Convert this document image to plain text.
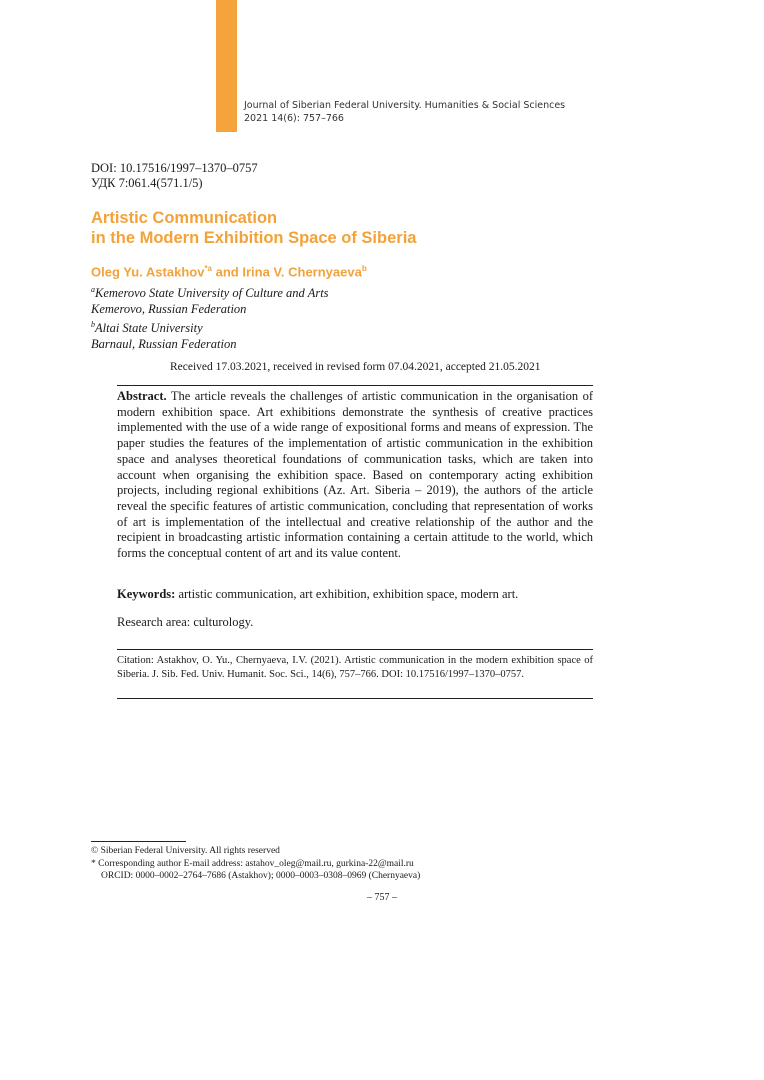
Journal of Siberian Federal University. Humanities & Social Sciences
2021 14(6): 757–766
DOI: 10.17516/1997–1370–0757
УДК 7:061.4(571.1/5)
Artistic Communication
in the Modern Exhibition Space of Siberia
Oleg Yu. Astakhov$^{*a}$ and Irina V. Chernyaeva$^b$
$^a$Kemerovo State University of Culture and Arts
Kemerovo, Russian Federation
$^b$Altai State University
Barnaul, Russian Federation
Received 17.03.2021, received in revised form 07.04.2021, accepted 21.05.2021
Abstract. The article reveals the challenges of artistic communication in the organisation of modern exhibition space. Art exhibitions demonstrate the synthesis of creative practices implemented with the use of a wide range of expositional forms and means of expression. The paper studies the features of the implementation of artistic communication in the exhibition space and analyses theoretical foundations of communication tasks, which are taken into account when organising the exhibition space. Based on contemporary acting exhibition projects, including regional exhibitions (Az. Art. Siberia – 2019), the authors of the article reveal the specific features of artistic communication, concluding that representation of works of art is implementation of the intellectual and creative relationship of the author and the recipient in broadcasting artistic information containing a certain attitude to the world, which forms the conceptual content of art and its value content.
Keywords: artistic communication, art exhibition, exhibition space, modern art.
Research area: culturology.
Citation: Astakhov, O. Yu., Chernyaeva, I.V. (2021). Artistic communication in the modern exhibition space of Siberia. J. Sib. Fed. Univ. Humanit. Soc. Sci., 14(6), 757–766. DOI: 10.17516/1997–1370–0757.
© Siberian Federal University. All rights reserved
* Corresponding author E-mail address: astahov_oleg@mail.ru, gurkina-22@mail.ru
ORCID: 0000–0002–2764–7686 (Astakhov); 0000–0003–0308–0969 (Chernyaeva)
– 757 –
